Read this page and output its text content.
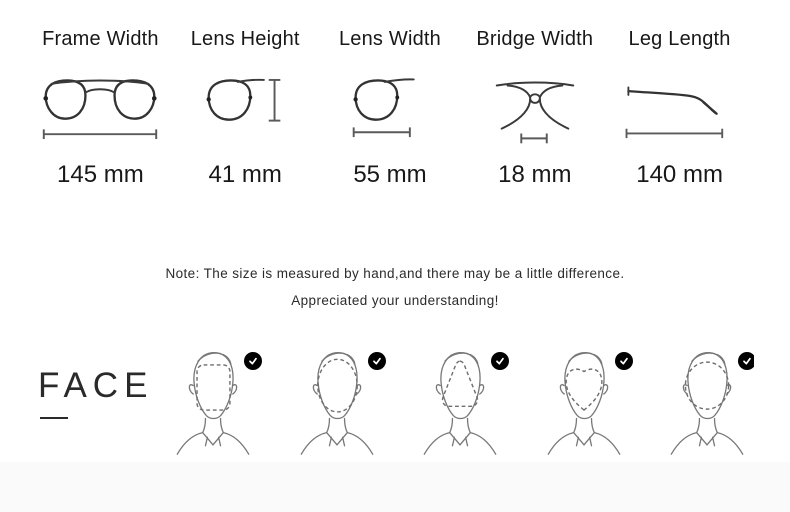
Frame Width
145 mm
Lens Height
41 mm
Lens Width
55 mm
Bridge Width
18 mm
Leg Length
140 mm
Note: The size is measured by hand,and there may be a little difference.
Appreciated your understanding!
FACE
